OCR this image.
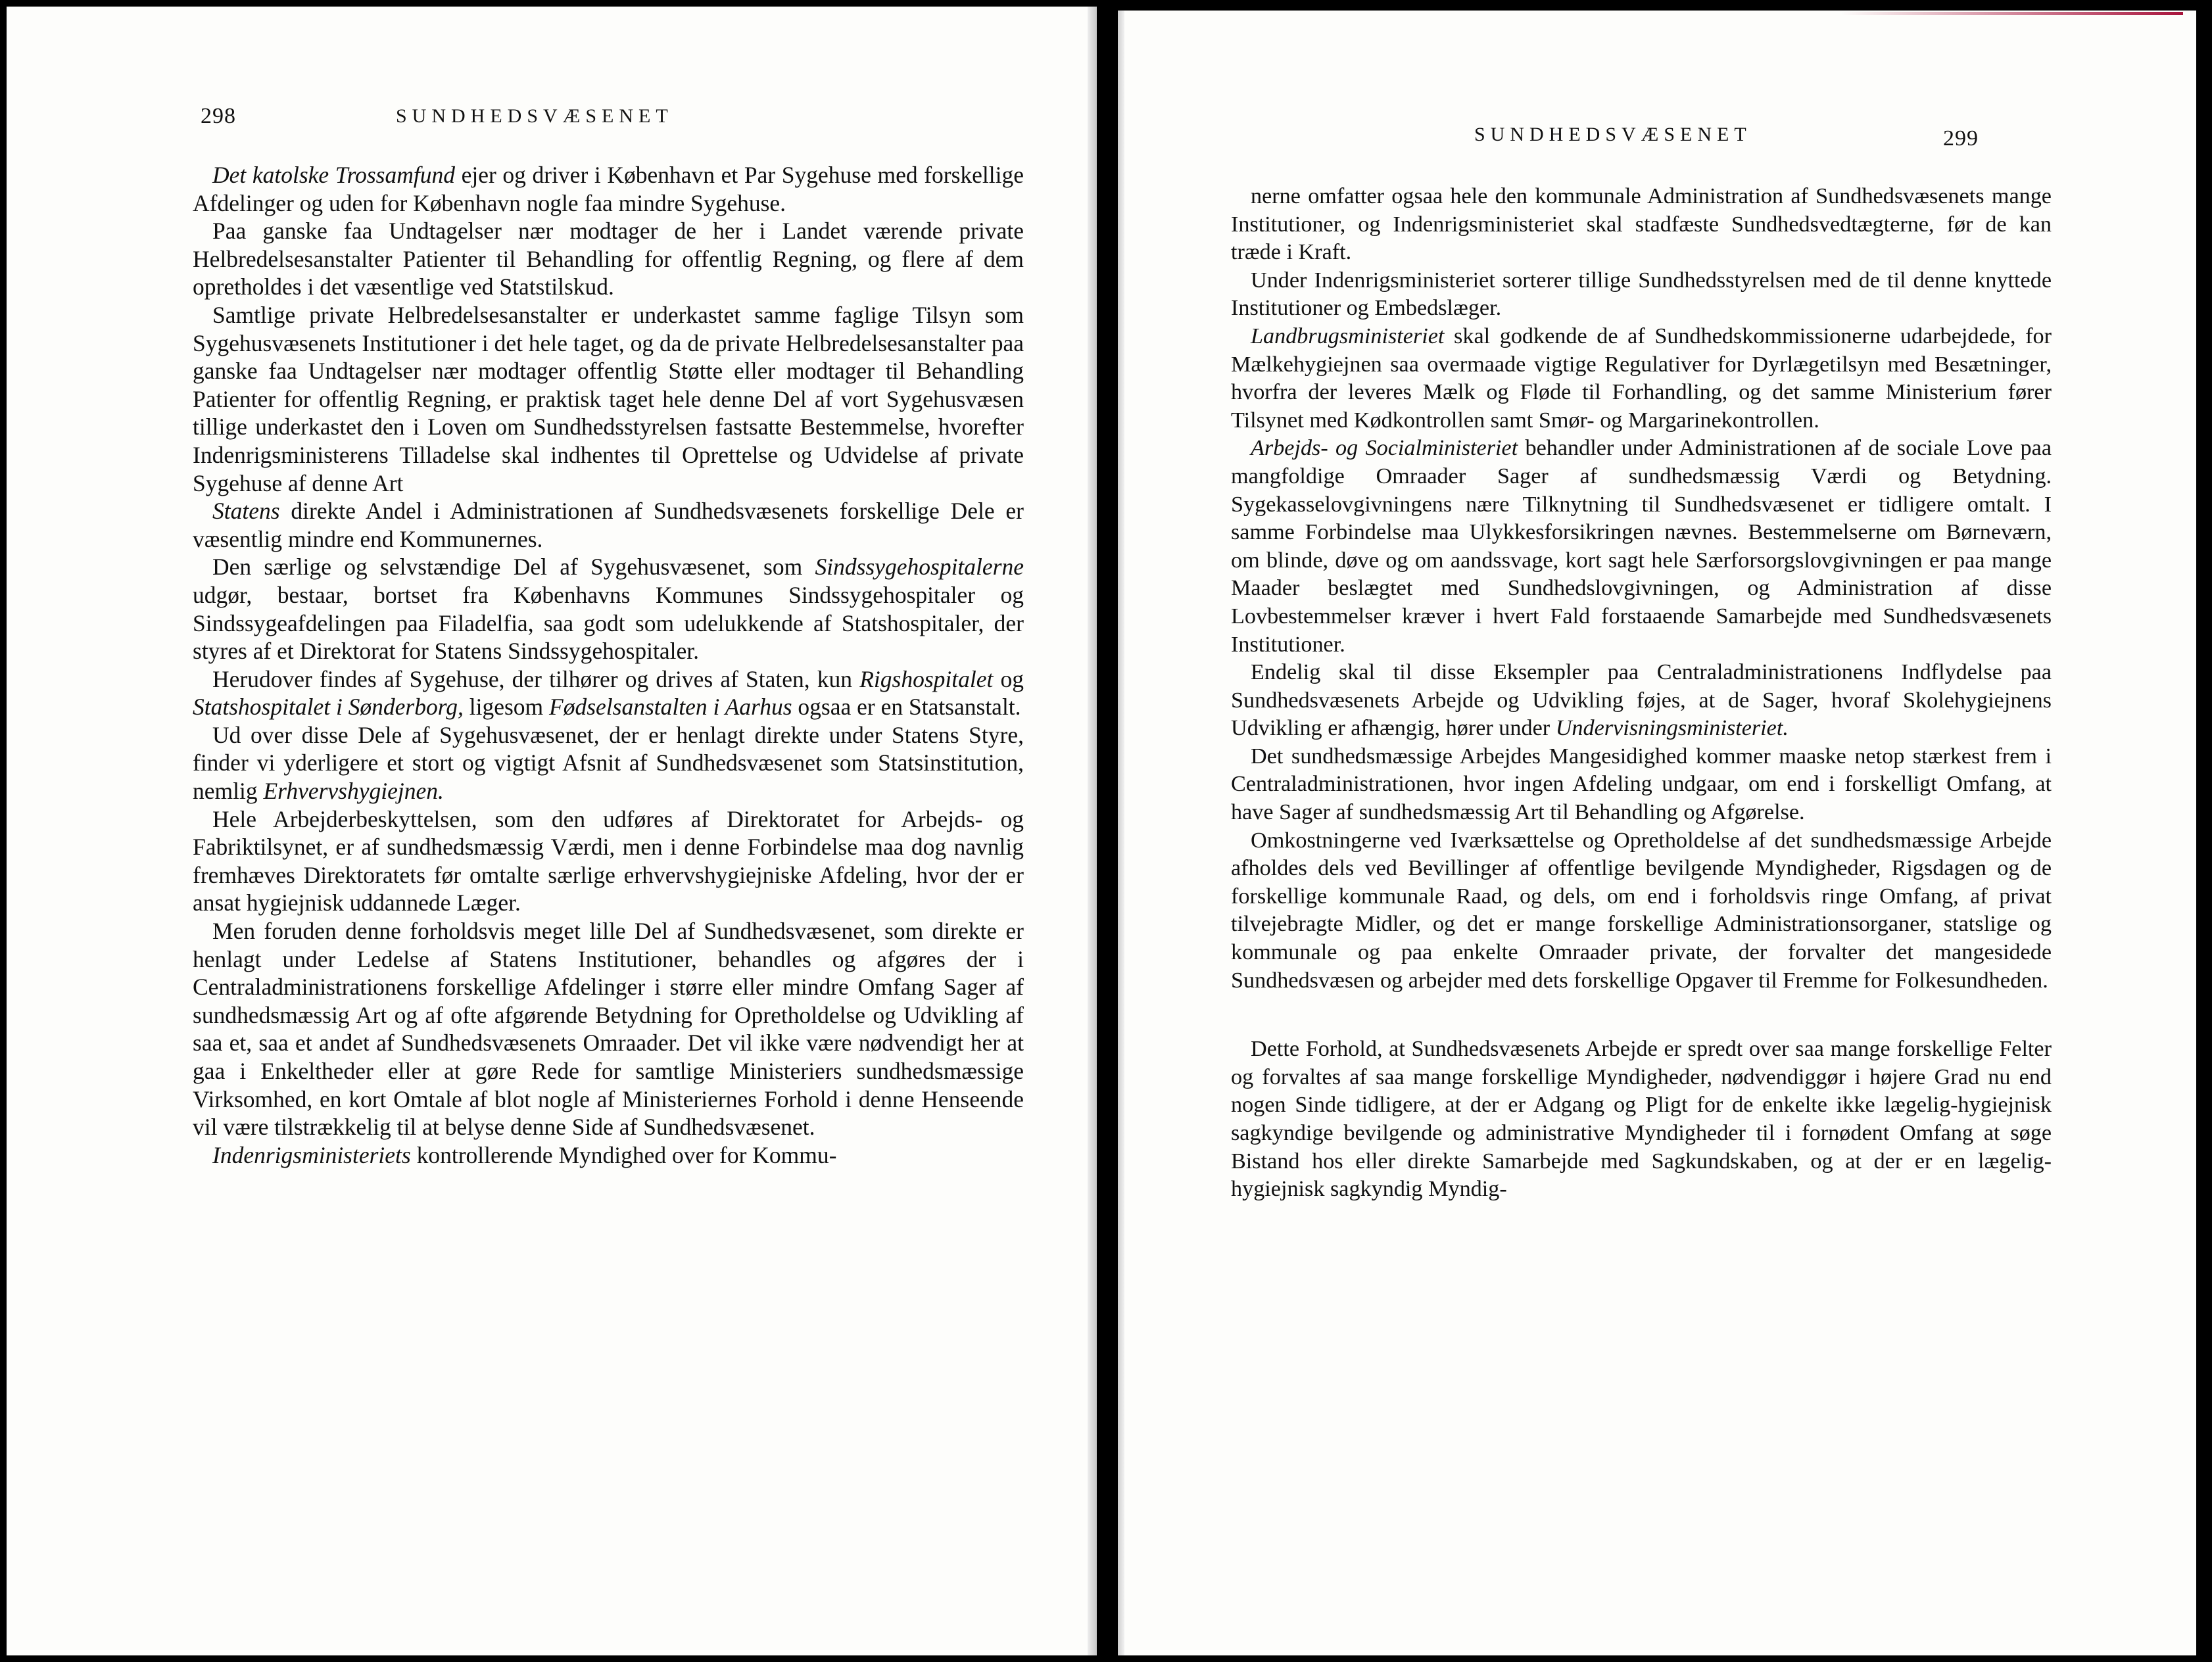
298	SUNDHEDSVÆSENET

Det katolske Trossamfund ejer og driver i København et Par Sygehuse med forskellige Afdelinger og uden for København nogle faa mindre Sygehuse.

Paa ganske faa Undtagelser nær modtager de her i Landet værende private Helbredelsesanstalter Patienter til Behandling for offentlig Regning, og flere af dem opretholdes i det væsentlige ved Statstilskud.

Samtlige private Helbredelsesanstalter er underkastet samme faglige Tilsyn som Sygehusvæsenets Institutioner i det hele taget, og da de private Helbredelsesanstalter paa ganske faa Undtagelser nær modtager offentlig Støtte eller modtager til Behandling Patienter for offentlig Regning, er praktisk taget hele denne Del af vort Sygehusvæsen tillige underkastet den i Loven om Sundhedsstyrelsen fastsatte Bestemmelse, hvorefter Indenrigsministerens Tilladelse skal indhentes til Oprettelse og Udvidelse af private Sygehuse af denne Art

Statens direkte Andel i Administrationen af Sundhedsvæsenets forskellige Dele er væsentlig mindre end Kommunernes.

Den særlige og selvstændige Del af Sygehusvæsenet, som Sindssygehospitalerne udgør, bestaar, bortset fra Københavns Kommunes Sindssygehospitaler og Sindssygeafdelingen paa Filadelfia, saa godt som udelukkende af Statshospitaler, der styres af et Direktorat for Statens Sindssygehospitaler.

Herudover findes af Sygehuse, der tilhører og drives af Staten, kun Rigshospitalet og Statshospitalet i Sønderborg, ligesom Fødselsanstalten i Aarhus ogsaa er en Statsanstalt.

Ud over disse Dele af Sygehusvæsenet, der er henlagt direkte under Statens Styre, finder vi yderligere et stort og vigtigt Afsnit af Sundhedsvæsenet som Statsinstitution, nemlig Erhvervshygiejnen.

Hele Arbejderbeskyttelsen, som den udføres af Direktoratet for Arbejds- og Fabriktilsynet, er af sundhedsmæssig Værdi, men i denne Forbindelse maa dog navnlig fremhæves Direktoratets før omtalte særlige erhvervshygiejniske Afdeling, hvor der er ansat hygiejnisk uddannede Læger.

Men foruden denne forholdsvis meget lille Del af Sundhedsvæsenet, som direkte er henlagt under Ledelse af Statens Institutioner, behandles og afgøres der i Centraladministrationens forskellige Afdelinger i større eller mindre Omfang Sager af sundhedsmæssig Art og af ofte afgørende Betydning for Opretholdelse og Udvikling af saa et, saa et andet af Sundhedsvæsenets Omraader. Det vil ikke være nødvendigt her at gaa i Enkeltheder eller at gøre Rede for samtlige Ministeriers sundhedsmæssige Virksomhed, en kort Omtale af blot nogle af Ministeriernes Forhold i denne Henseende vil være tilstrækkelig til at belyse denne Side af Sundhedsvæsenet.

Indenrigsministeriets kontrollerende Myndighed over for Kommu-

SUNDHEDSVÆSENET	299

nerne omfatter ogsaa hele den kommunale Administration af Sundhedsvæsenets mange Institutioner, og Indenrigsministeriet skal stadfæste Sundhedsvedtægterne, før de kan træde i Kraft.

Under Indenrigsministeriet sorterer tillige Sundhedsstyrelsen med de til denne knyttede Institutioner og Embedslæger.

Landbrugsministeriet skal godkende de af Sundhedskommissionerne udarbejdede, for Mælkehygiejnen saa overmaade vigtige Regulativer for Dyrlægetilsyn med Besætninger, hvorfra der leveres Mælk og Fløde til Forhandling, og det samme Ministerium fører Tilsynet med Kødkontrollen samt Smør- og Margarinekontrollen.

Arbejds- og Socialministeriet behandler under Administrationen af de sociale Love paa mangfoldige Omraader Sager af sundhedsmæssig Værdi og Betydning. Sygekasselovgivningens nære Tilknytning til Sundhedsvæsenet er tidligere omtalt. I samme Forbindelse maa Ulykkesforsikringen nævnes. Bestemmelserne om Børneværn, om blinde, døve og om aandssvage, kort sagt hele Særforsorgslovgivningen er paa mange Maader beslægtet med Sundhedslovgivningen, og Administration af disse Lovbestemmelser kræver i hvert Fald forstaaende Samarbejde med Sundhedsvæsenets Institutioner.

Endelig skal til disse Eksempler paa Centraladministrationens Indflydelse paa Sundhedsvæsenets Arbejde og Udvikling føjes, at de Sager, hvoraf Skolehygiejnens Udvikling er afhængig, hører under Undervisningsministeriet.

Det sundhedsmæssige Arbejdes Mangesidighed kommer maaske netop stærkest frem i Centraladministrationen, hvor ingen Afdeling undgaar, om end i forskelligt Omfang, at have Sager af sundhedsmæssig Art til Behandling og Afgørelse.

Omkostningerne ved Iværksættelse og Opretholdelse af det sundhedsmæssige Arbejde afholdes dels ved Bevillinger af offentlige bevilgende Myndigheder, Rigsdagen og de forskellige kommunale Raad, og dels, om end i forholdsvis ringe Omfang, af privat tilvejebragte Midler, og det er mange forskellige Administrationsorganer, statslige og kommunale og paa enkelte Omraader private, der forvalter det mangesidede Sundhedsvæsen og arbejder med dets forskellige Opgaver til Fremme for Folkesundheden.

Dette Forhold, at Sundhedsvæsenets Arbejde er spredt over saa mange forskellige Felter og forvaltes af saa mange forskellige Myndigheder, nødvendiggør i højere Grad nu end nogen Sinde tidligere, at der er Adgang og Pligt for de enkelte ikke lægelig-hygiejnisk sagkyndige bevilgende og administrative Myndigheder til i fornødent Omfang at søge Bistand hos eller direkte Samarbejde med Sagkundskaben, og at der er en lægelig-hygiejnisk sagkyndig Myndig-
